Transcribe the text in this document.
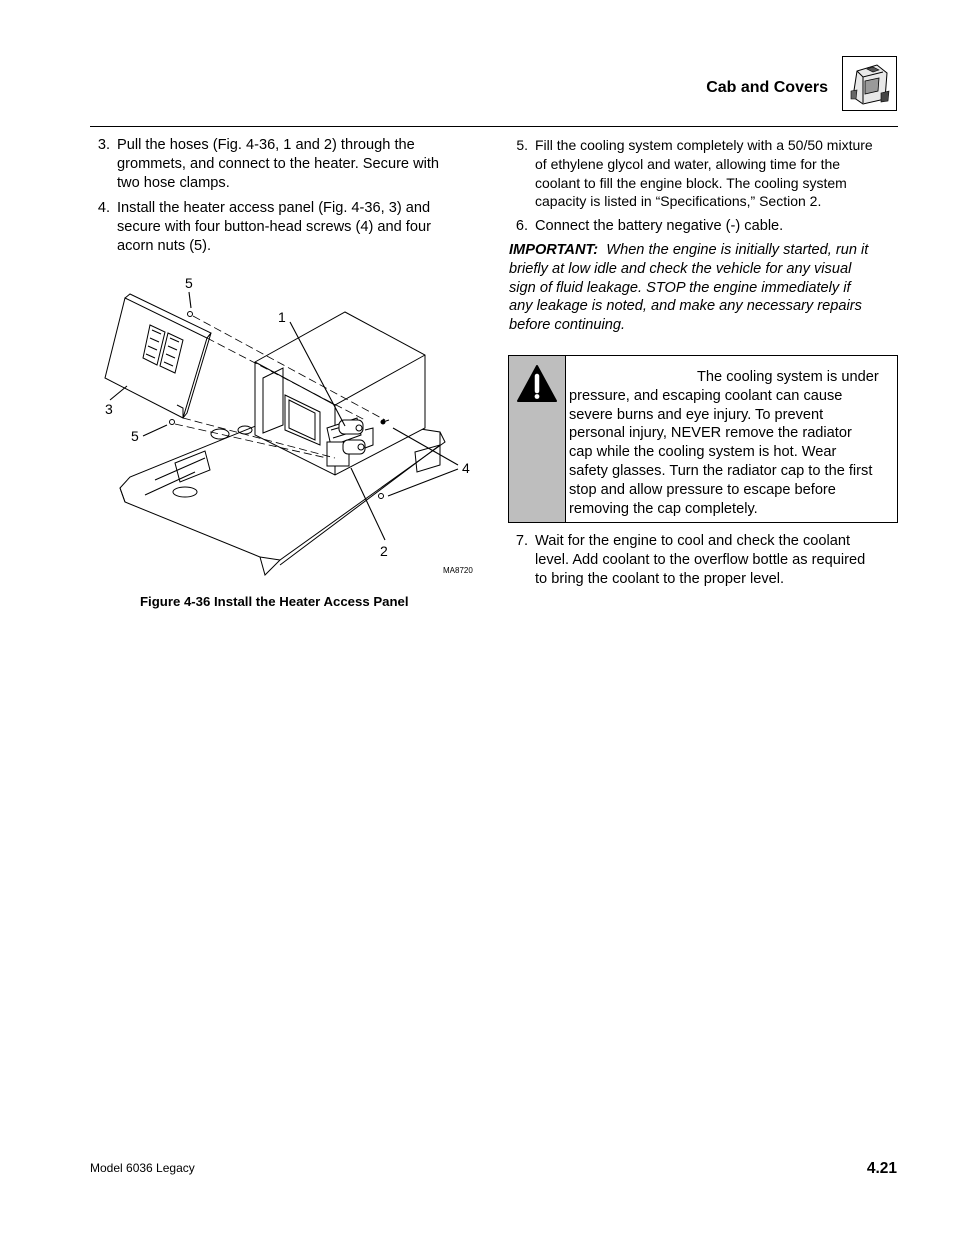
Cab and Covers
3. Pull the hoses (Fig. 4-36, 1 and 2) through the
grommets, and connect to the heater. Secure with
two hose clamps.
4. Install the heater access panel (Fig. 4-36, 3) and
secure with four button-head screws (4) and four
acorn nuts (5).
5
1
3
5
4
2
MA8720
Figure 4-36 Install the Heater Access Panel
5. Fill the cooling system completely with a 50/50 mixture
of ethylene glycol and water, allowing time for the
coolant to fill the engine block. The cooling system
capacity is listed in “Specifications,” Section 2.
6. Connect the battery negative (-) cable.
IMPORTANT: When the engine is initially started, run it
briefly at low idle and check the vehicle for any visual
sign of fluid leakage. STOP the engine immediately if
any leakage is noted, and make any necessary repairs
before continuing.
The cooling system is under
pressure, and escaping coolant can cause
severe burns and eye injury. To prevent
personal injury, NEVER remove the radiator
cap while the cooling system is hot. Wear
safety glasses. Turn the radiator cap to the first
stop and allow pressure to escape before
removing the cap completely.
7. Wait for the engine to cool and check the coolant
level. Add coolant to the overflow bottle as required
to bring the coolant to the proper level.
Model 6036 Legacy	4.21
